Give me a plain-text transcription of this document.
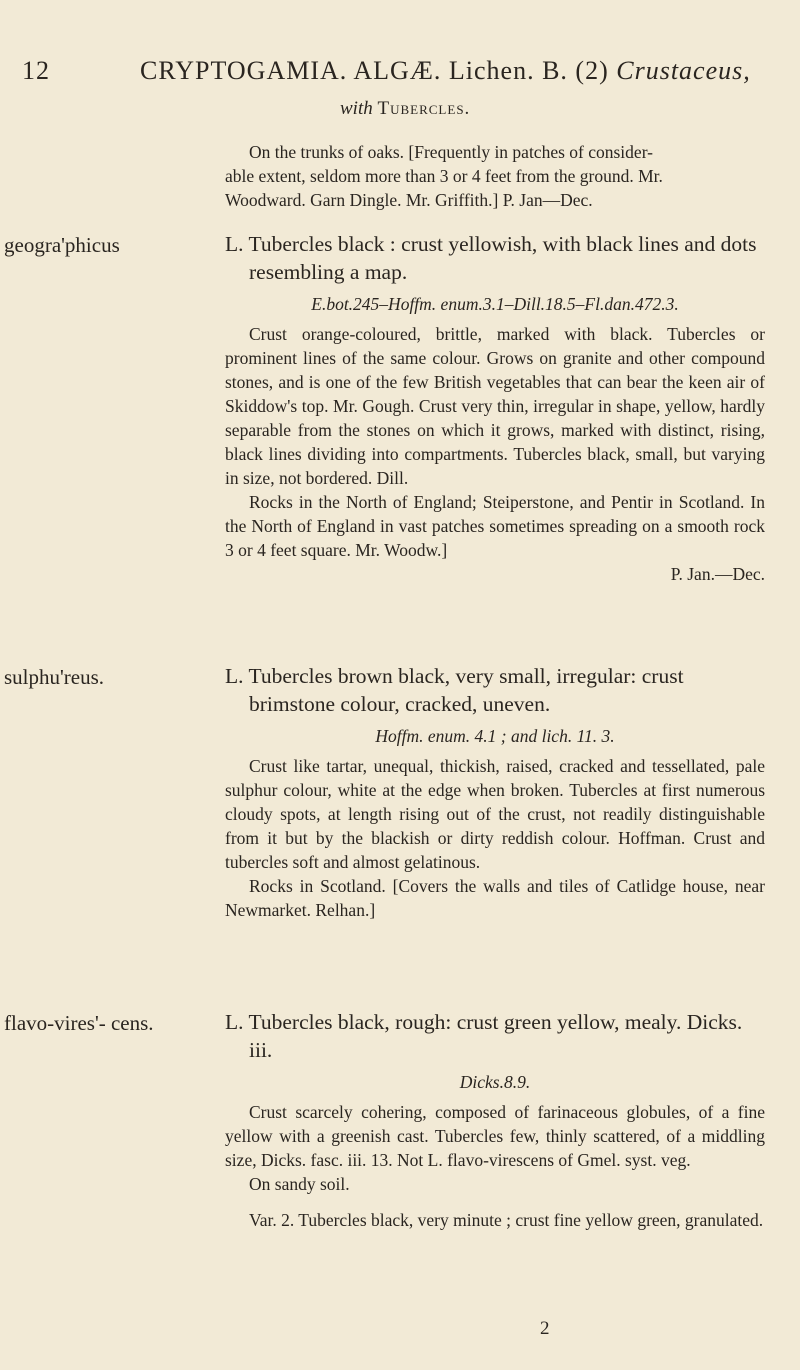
12	CRYPTOGAMIA. ALGÆ. Lichen. B. (2) Crustaceus,
with Tubercles.

On the trunks of oaks. [Frequently in patches of consider-

able extent, seldom more than 3 or 4 feet from the ground. Mr.

Woodward. Garn Dingle. Mr. Griffith.] P. Jan—Dec.

geogra'phicus	L. Tubercles black : crust yellowish, with black lines and dots resembling a map.

E.bot.245–Hoffm. enum.3.1–Dill.18.5–Fl.dan.472.3.

Crust orange-coloured, brittle, marked with black. Tubercles or prominent lines of the same colour. Grows on granite and other compound stones, and is one of the few British vegetables that can bear the keen air of Skiddow's top. Mr. Gough. Crust very thin, irregular in shape, yellow, hardly separable from the stones on which it grows, marked with distinct, rising, black lines dividing into compartments. Tubercles black, small, but varying in size, not bordered. Dill.

Rocks in the North of England; Steiperstone, and Pentir in Scotland. In the North of England in vast patches sometimes spreading on a smooth rock 3 or 4 feet square. Mr. Woodw.]

P. Jan.—Dec.

sulphu'reus.	L. Tubercles brown black, very small, irregular: crust brimstone colour, cracked, uneven.

Hoffm. enum. 4.1 ; and lich. 11. 3.

Crust like tartar, unequal, thickish, raised, cracked and tessellated, pale sulphur colour, white at the edge when broken. Tubercles at first numerous cloudy spots, at length rising out of the crust, not readily distinguishable from it but by the blackish or dirty reddish colour. Hoffman. Crust and tubercles soft and almost gelatinous.

Rocks in Scotland. [Covers the walls and tiles of Catlidge house, near Newmarket. Relhan.]

flavo-vires'- cens.	L. Tubercles black, rough: crust green yellow, mealy. Dicks. iii.

Dicks.8.9.

Crust scarcely cohering, composed of farinaceous globules, of a fine yellow with a greenish cast. Tubercles few, thinly scattered, of a middling size, Dicks. fasc. iii. 13. Not L. flavo-virescens of Gmel. syst. veg.

On sandy soil.

Var. 2. Tubercles black, very minute ; crust fine yellow green, granulated.

2
